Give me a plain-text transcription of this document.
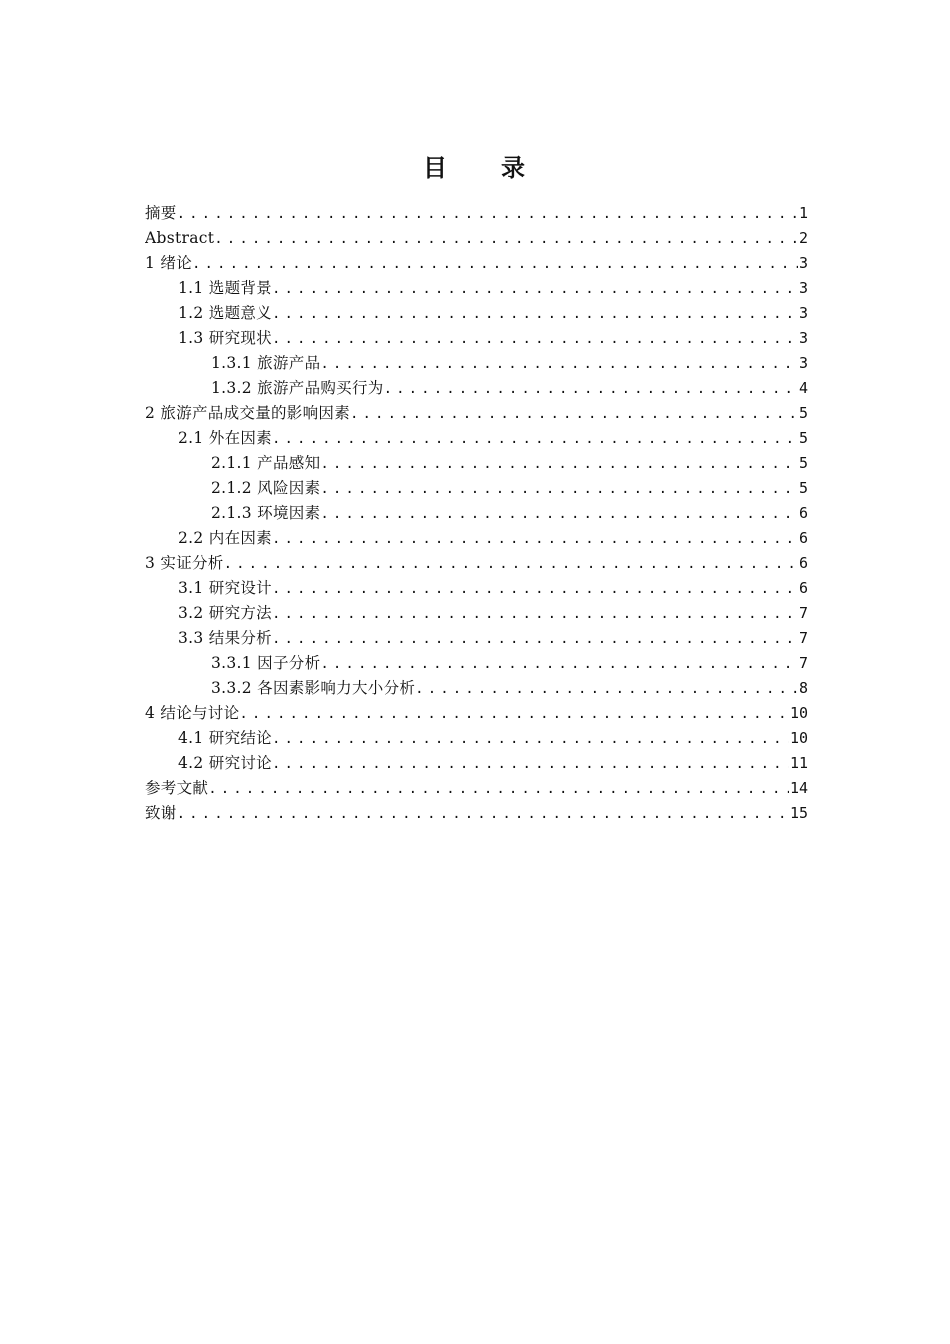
目 录
摘要 .....	1
Abstract .....	2
1 绪论 .....	3
1.1 选题背景 .....	3
1.2 选题意义 .....	3
1.3 研究现状 .....	3
1.3.1 旅游产品 .....	3
1.3.2 旅游产品购买行为 .....	4
2 旅游产品成交量的影响因素 .....	5
2.1 外在因素 .....	5
2.1.1 产品感知 .....	5
2.1.2 风险因素 .....	5
2.1.3 环境因素 .....	6
2.2 内在因素 .....	6
3 实证分析 .....	6
3.1 研究设计 .....	6
3.2 研究方法 .....	7
3.3 结果分析 .....	7
3.3.1 因子分析 .....	7
3.3.2 各因素影响力大小分析 .....	8
4 结论与讨论 .....	10
4.1 研究结论 .....	10
4.2 研究讨论 .....	11
参考文献 .....	14
致谢 .....	15
